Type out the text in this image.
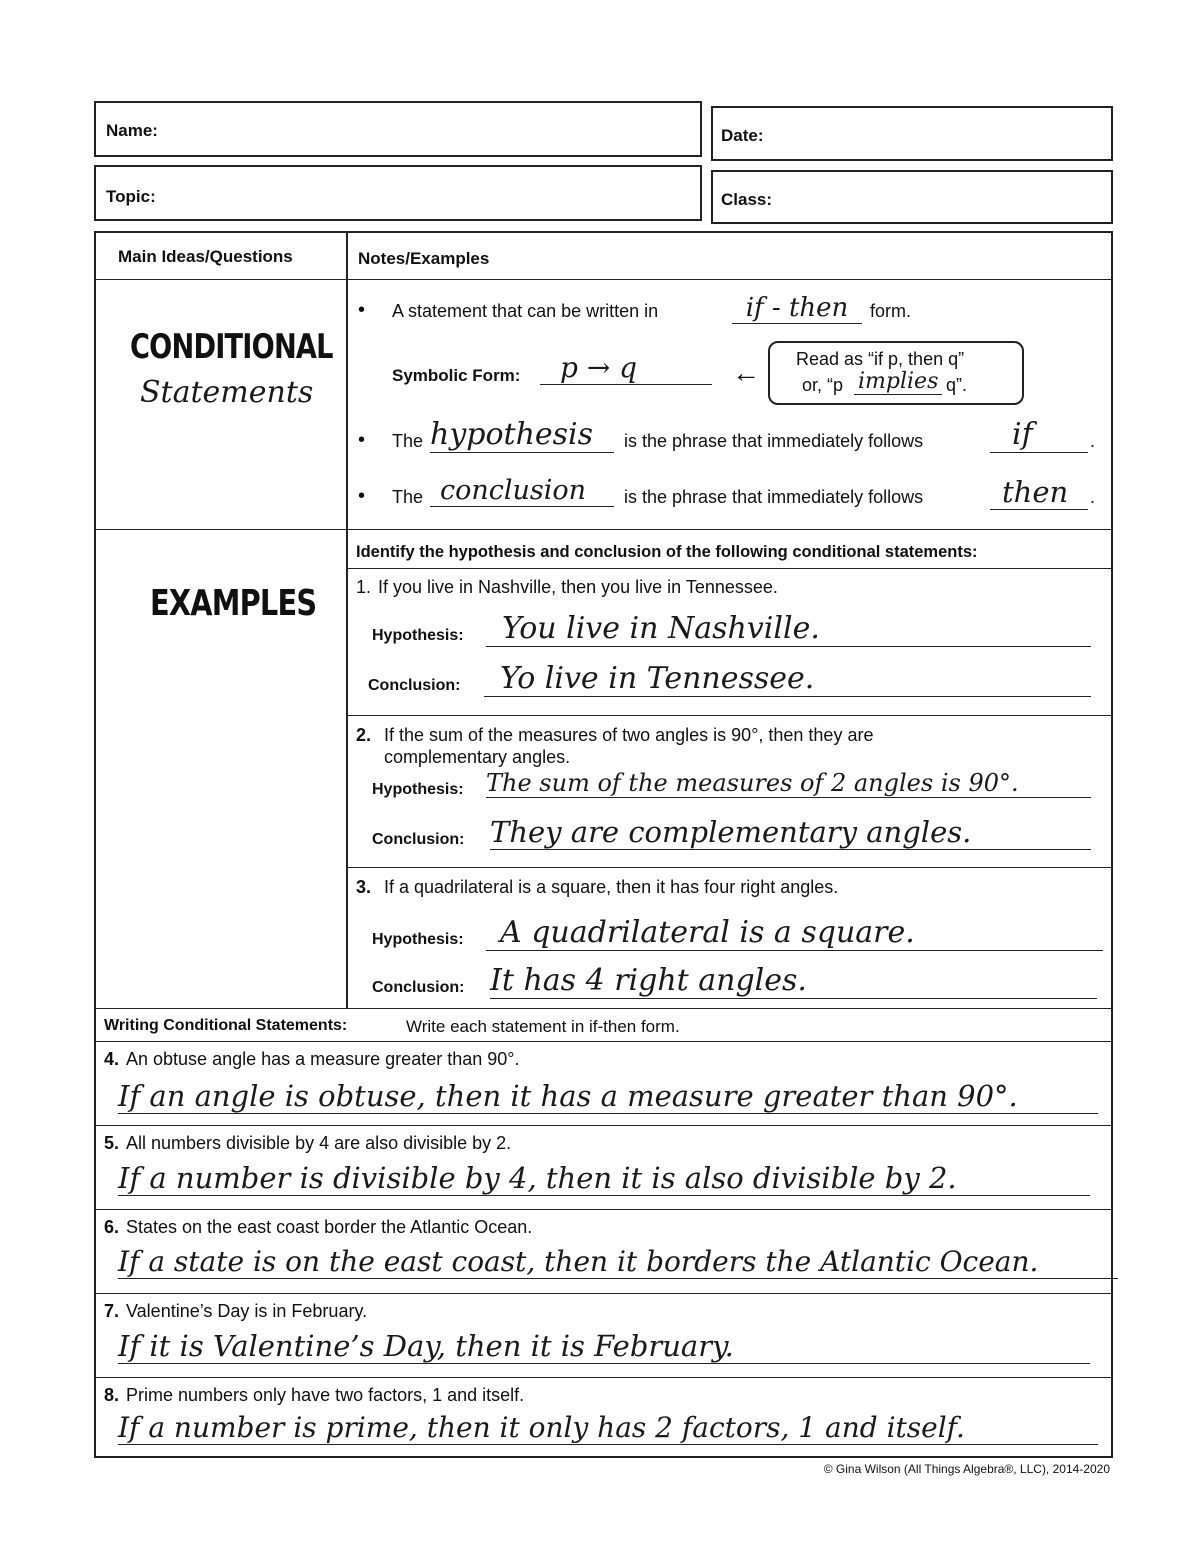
Name:	Date:
Topic:	Class:
Main Ideas/Questions	Notes/Examples
CONDITIONAL
Statements
• A statement that can be written in	if - then	form.
Symbolic Form:	p → q	← Read as “if p, then q”
or, “p implies q”.
• The hypothesis	is the phrase that immediately follows	if	.
• The conclusion	is the phrase that immediately follows	then	.
EXAMPLES
Identify the hypothesis and conclusion of the following conditional statements:
1. If you live in Nashville, then you live in Tennessee.
Hypothesis:	You live in Nashville.
Conclusion:	Yo live in Tennessee.
2. If the sum of the measures of two angles is 90°, then they are
complementary angles.
Hypothesis: The sum of the measures of 2 angles is 90°.
Conclusion: They are complementary angles.
3. If a quadrilateral is a square, then it has four right angles.
Hypothesis:	A quadrilateral is a square.
Conclusion: It has 4 right angles.
Writing Conditional Statements:	Write each statement in if-then form.
4. An obtuse angle has a measure greater than 90°.
If an angle is obtuse, then it has a measure greater than 90°.
5. All numbers divisible by 4 are also divisible by 2.
If a number is divisible by 4, then it is also divisible by 2.
6. States on the east coast border the Atlantic Ocean.
If a state is on the east coast, then it borders the Atlantic Ocean.
7. Valentine’s Day is in February.
If it is Valentine’s Day, then it is February.
8. Prime numbers only have two factors, 1 and itself.
If a number is prime, then it only has 2 factors, 1 and itself.
© Gina Wilson (All Things Algebra®, LLC), 2014-2020
